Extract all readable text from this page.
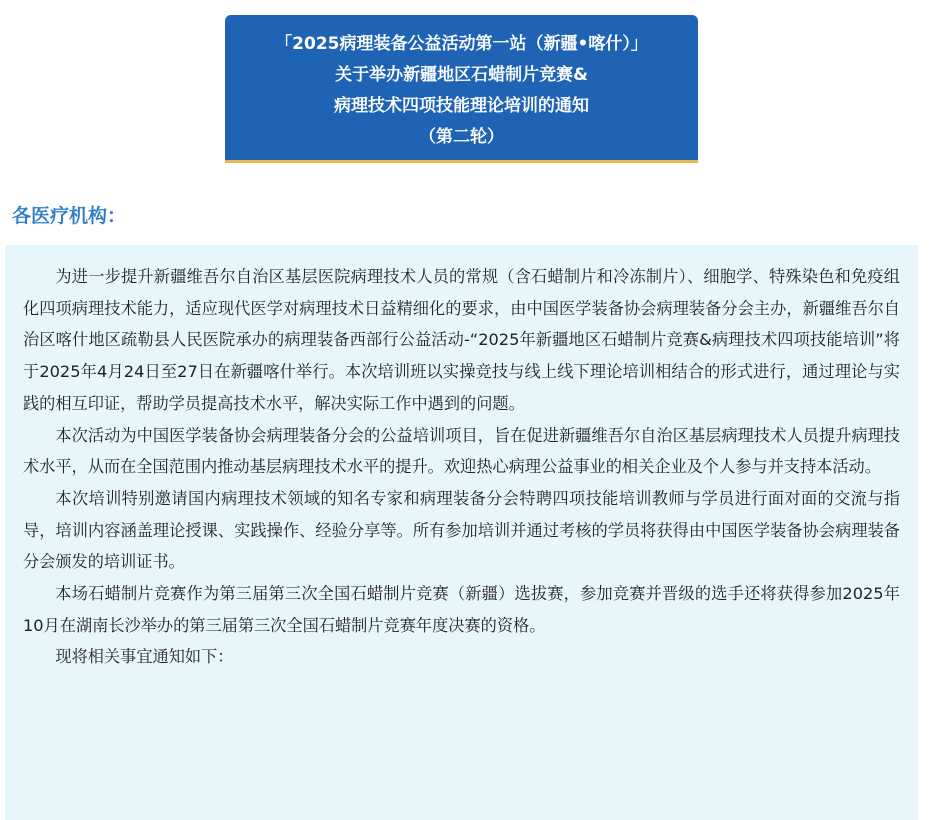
「2025病理装备公益活动第一站（新疆•喀什）」
关于举办新疆地区石蜡制片竞赛&
病理技术四项技能理论培训的通知
（第二轮）
各医疗机构：

为进一步提升新疆维吾尔自治区基层医院病理技术人员的常规（含石蜡制片和冷冻制片）、细胞学、特殊染色和免疫组化四项病理技术能力，适应现代医学对病理技术日益精细化的要求，由中国医学装备协会病理装备分会主办，新疆维吾尔自治区喀什地区疏勒县人民医院承办的病理装备西部行公益活动-“2025年新疆地区石蜡制片竞赛&病理技术四项技能培训”将于2025年4月24日至27日在新疆喀什举行。本次培训班以实操竞技与线上线下理论培训相结合的形式进行，通过理论与实践的相互印证，帮助学员提高技术水平，解决实际工作中遇到的问题。

本次活动为中国医学装备协会病理装备分会的公益培训项目，旨在促进新疆维吾尔自治区基层病理技术人员提升病理技术水平，从而在全国范围内推动基层病理技术水平的提升。欢迎热心病理公益事业的相关企业及个人参与并支持本活动。

本次培训特别邀请国内病理技术领域的知名专家和病理装备分会特聘四项技能培训教师与学员进行面对面的交流与指导，培训内容涵盖理论授课、实践操作、经验分享等。所有参加培训并通过考核的学员将获得由中国医学装备协会病理装备分会颁发的培训证书。

本场石蜡制片竞赛作为第三届第三次全国石蜡制片竞赛（新疆）选拔赛，参加竞赛并晋级的选手还将获得参加2025年10月在湖南长沙举办的第三届第三次全国石蜡制片竞赛年度决赛的资格。

现将相关事宜通知如下：
